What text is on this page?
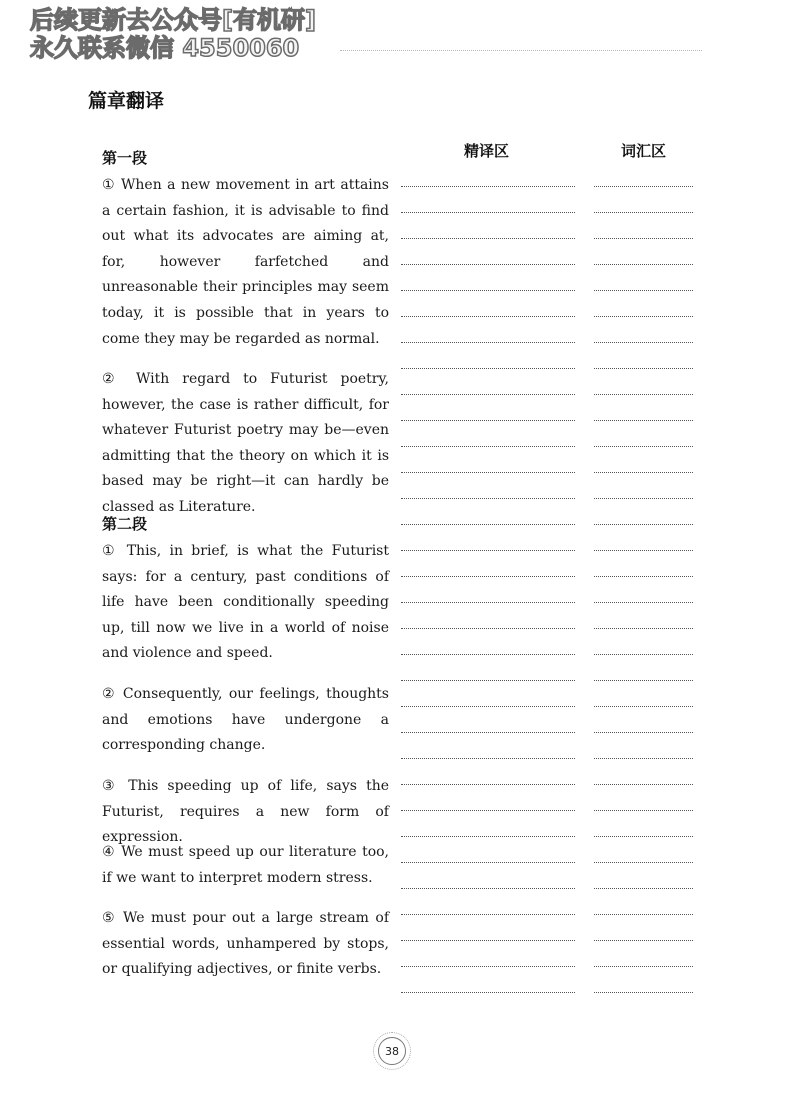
后续更新去公众号[有机研]
永久联系微信 4550060
篇章翻译
精译区	词汇区
第一段
① When a new movement in art attains a certain fashion, it is advisable to find out what its advocates are aiming at, for, however farfetched and unreasonable their principles may seem today, it is possible that in years to come they may be regarded as normal.
② With regard to Futurist poetry, however, the case is rather difficult, for whatever Futurist poetry may be—even admitting that the theory on which it is based may be right—it can hardly be classed as Literature.
第二段
① This, in brief, is what the Futurist says: for a century, past conditions of life have been conditionally speeding up, till now we live in a world of noise and violence and speed.
② Consequently, our feelings, thoughts and emotions have undergone a corresponding change.
③ This speeding up of life, says the Futurist, requires a new form of expression.
④ We must speed up our literature too, if we want to interpret modern stress.
⑤ We must pour out a large stream of essential words, unhampered by stops, or qualifying adjectives, or finite verbs.
38
